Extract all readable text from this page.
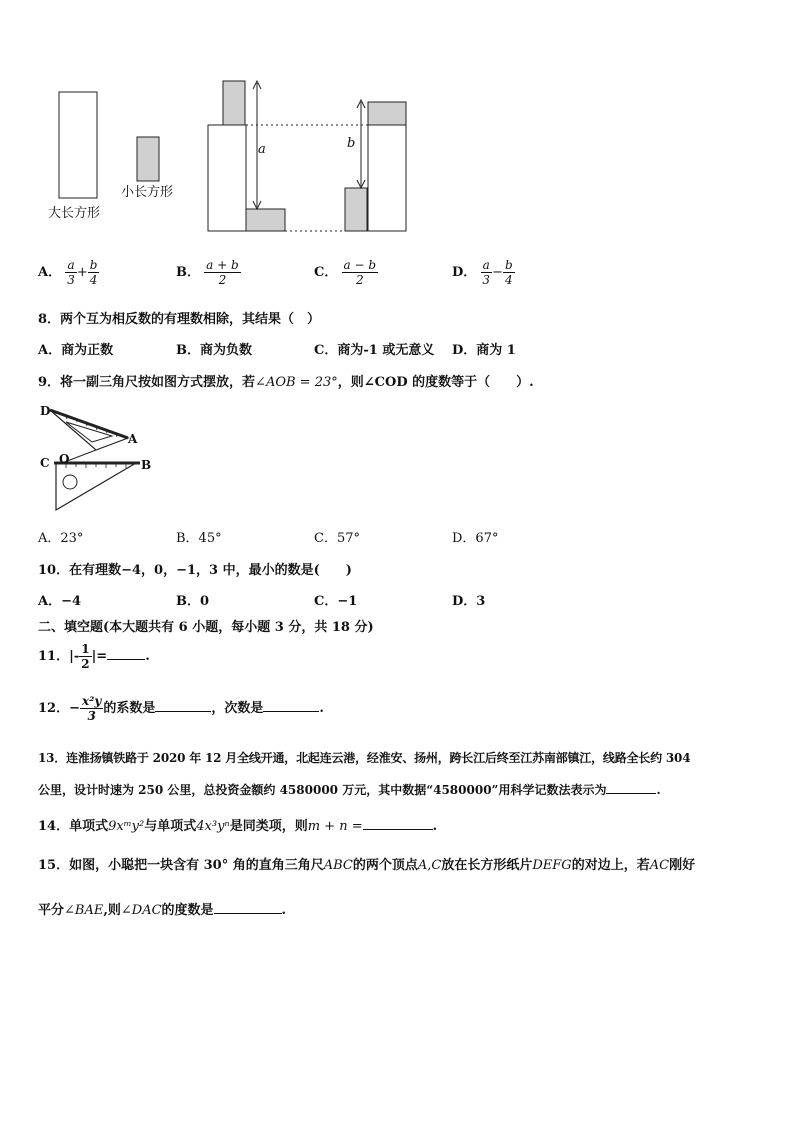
大长方形
小长方形
a	b
A． $\frac{a}{3} + \frac{b}{4}$	B． $\frac{a + b}{2}$	C． $\frac{a - b}{2}$	D． $\frac{a}{3} - \frac{b}{4}$
8．两个互为相反数的有理数相除，其结果（　）
A．商为正数	B．商为负数	C．商为-1 或无意义 D．商为 1
9．将一副三角尺按如图方式摆放，若∠AOB = 23°，则∠COD 的度数等于（　　）.
D
A
C O	B
A．23°	B．45°	C．57°	D．67°
10．在有理数−4，0，−1，3 中，最小的数是(　　)
A．−4	B．0	C．−1	D．3
二、填空题(本大题共有 6 小题，每小题 3 分，共 18 分)
11．|- $\frac{1}{2}$ |=	.
12．− $\frac{\text{x²y}}{3}$ 的系数是	，次数是	.
13．连淮扬镇铁路于 2020 年 12 月全线开通，北起连云港，经淮安、扬州，跨长江后终至江苏南部镇江，线路全长约 304
公里，设计时速为 250 公里，总投资金额约 4580000 万元，其中数据“4580000”用科学记数法表示为	.
14．单项式9xᵐy²与单项式4x³yⁿ是同类项，则m + n =	.
15．如图，小聪把一块含有 30° 角的直角三角尺ABC的两个顶点A,C放在长方形纸片DEFG的对边上，若AC刚好
平分∠BAE,则∠DAC的度数是	.
